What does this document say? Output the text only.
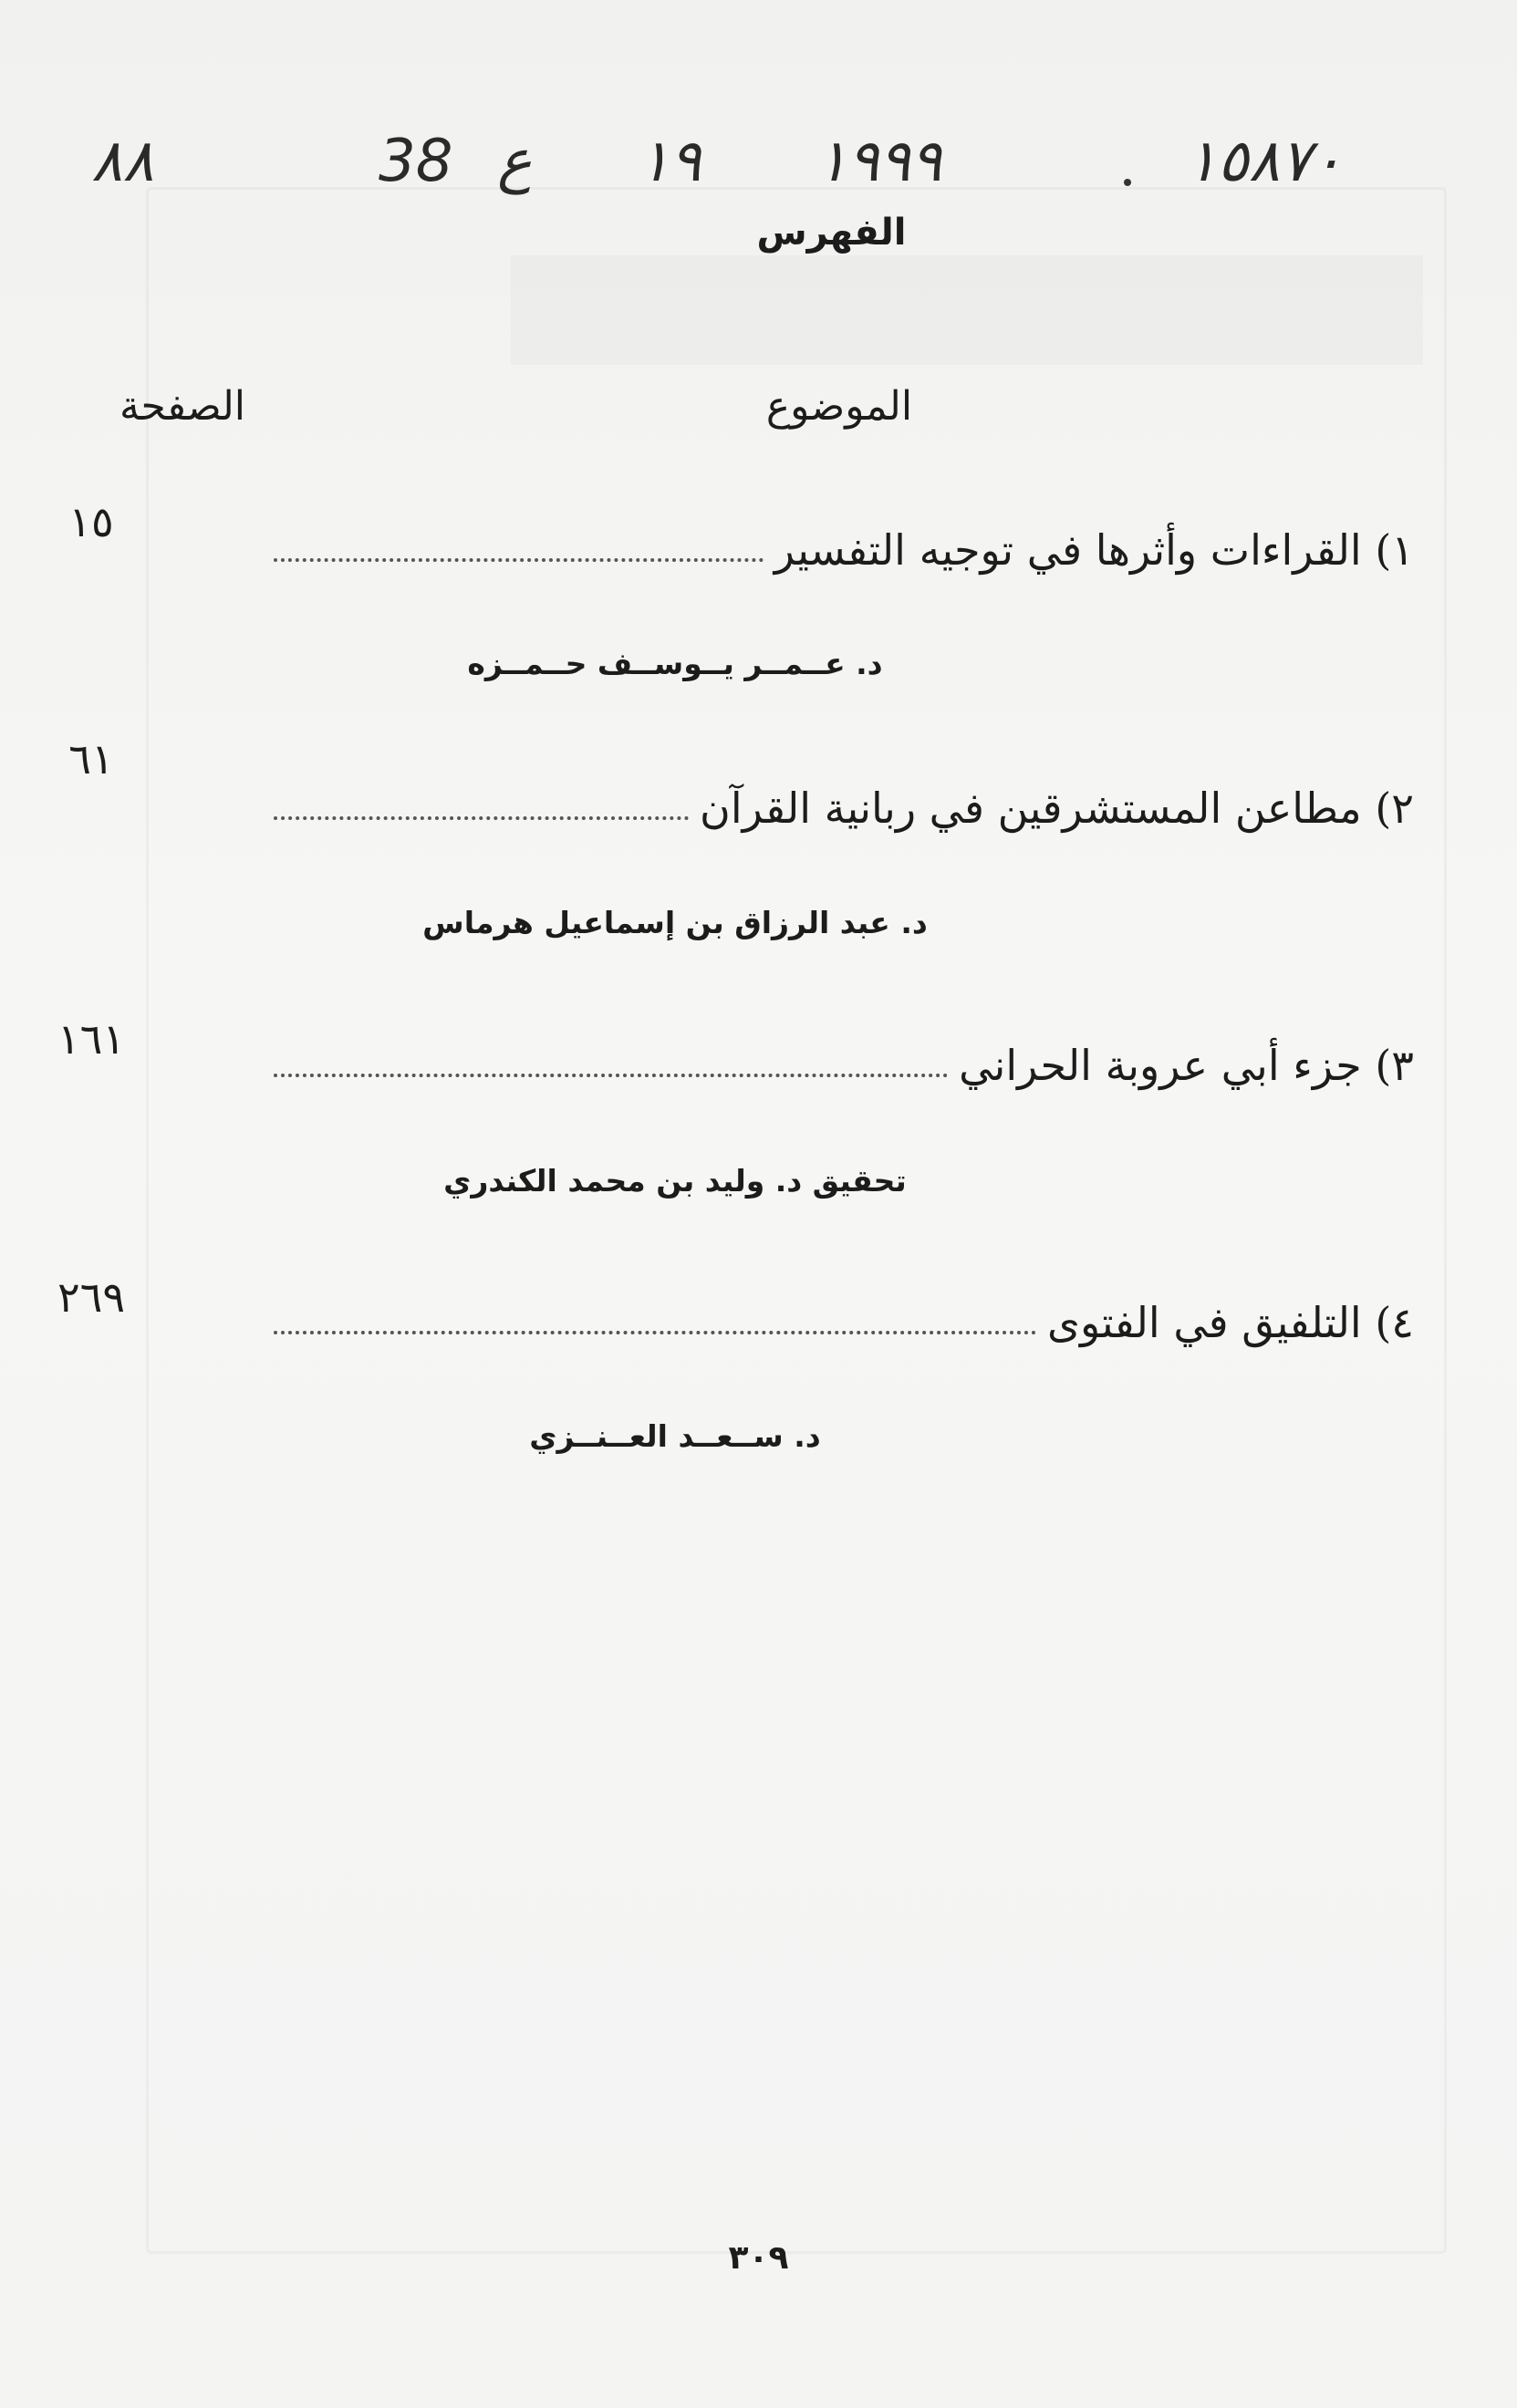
١٥٨٧٠
١٩٩٩
١٩
ع
38
٨٨
الفهرس
الموضوع
الصفحة
١) القراءات وأثرها في توجيه التفسير
١٥
د. عــمــر يــوســف حــمــزه
٢) مطاعن المستشرقين في ربانية القرآن
٦١
د. عبد الرزاق بن إسماعيل هرماس
٣) جزء أبي عروبة الحراني
١٦١
تحقيق د. وليد بن محمد الكندري
٤) التلفيق في الفتوى
٢٦٩
د. ســعــد العــنــزي
٣٠٩
